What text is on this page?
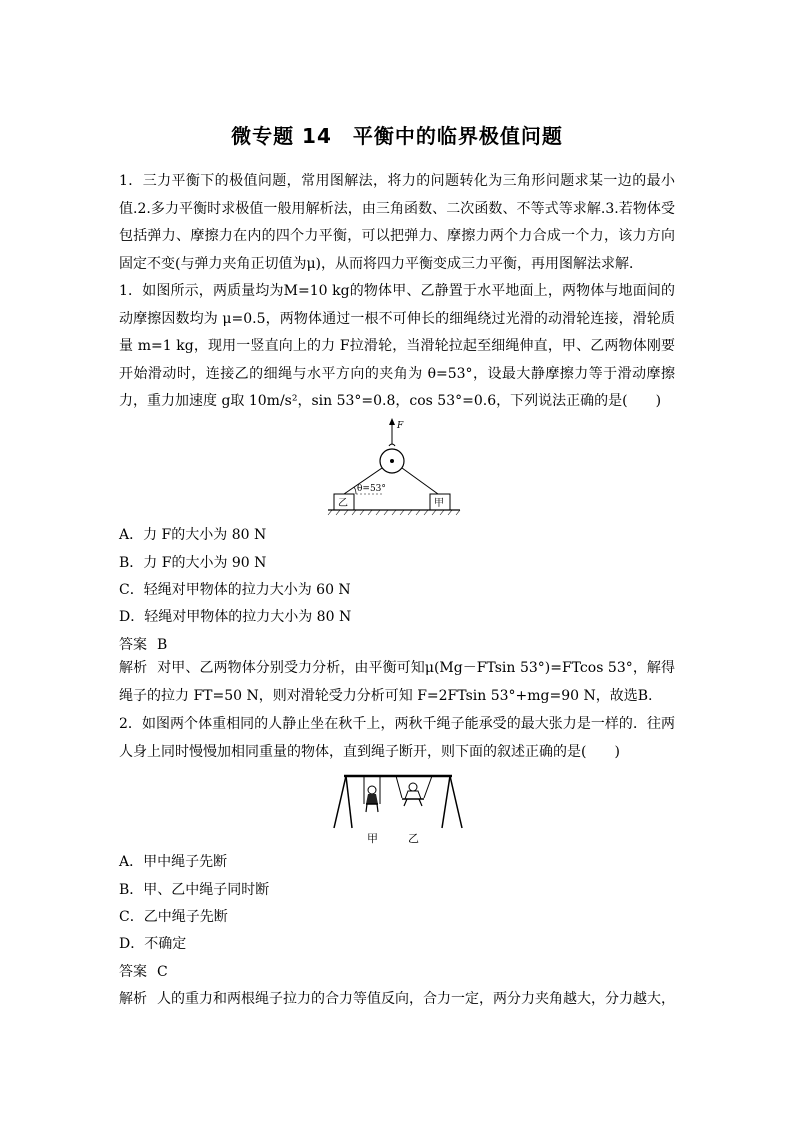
微专题 14　平衡中的临界极值问题
1．三力平衡下的极值问题，常用图解法，将力的问题转化为三角形问题求某一边的最小值.2.多力平衡时求极值一般用解析法，由三角函数、二次函数、不等式等求解.3.若物体受包括弹力、摩擦力在内的四个力平衡，可以把弹力、摩擦力两个力合成一个力，该力方向固定不变(与弹力夹角正切值为μ)，从而将四力平衡变成三力平衡，再用图解法求解．
1．如图所示，两质量均为M=10 kg的物体甲、乙静置于水平地面上，两物体与地面间的动摩擦因数均为 μ=0.5，两物体通过一根不可伸长的细绳绕过光滑的动滑轮连接，滑轮质量 m=1 kg，现用一竖直向上的力 F拉滑轮，当滑轮拉起至细绳伸直，甲、乙两物体刚要开始滑动时，连接乙的细绳与水平方向的夹角为 θ=53°，设最大静摩擦力等于滑动摩擦力，重力加速度 g取 10m/s²，sin 53°=0.8，cos 53°=0.6，下列说法正确的是(　　)
F
θ=53°
乙	甲
A．力 F的大小为 80 N
B．力 F的大小为 90 N
C．轻绳对甲物体的拉力大小为 60 N
D．轻绳对甲物体的拉力大小为 80 N
答案 B
解析 对甲、乙两物体分别受力分析，由平衡可知μ(Mg－FTsin 53°)=FTcos 53°，解得绳子的拉力 FT=50 N，则对滑轮受力分析可知 F=2FTsin 53°+mg=90 N，故选B.
2．如图两个体重相同的人静止坐在秋千上，两秋千绳子能承受的最大张力是一样的．往两人身上同时慢慢加相同重量的物体，直到绳子断开，则下面的叙述正确的是(　　)
甲	乙
A．甲中绳子先断
B．甲、乙中绳子同时断
C．乙中绳子先断
D．不确定
答案 C
解析 人的重力和两根绳子拉力的合力等值反向，合力一定，两分力夹角越大，分力越大，
